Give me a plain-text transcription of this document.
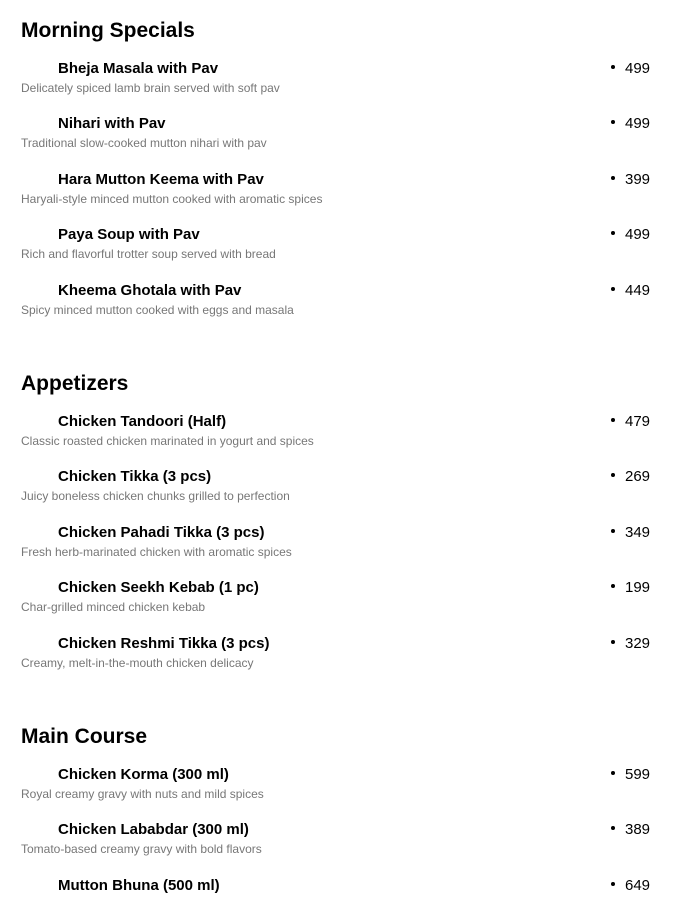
Morning Specials
Bheja Masala with Pav
Delicately spiced lamb brain served with soft pav
499
Nihari with Pav
Traditional slow-cooked mutton nihari with pav
499
Hara Mutton Keema with Pav
Haryali-style minced mutton cooked with aromatic spices
399
Paya Soup with Pav
Rich and flavorful trotter soup served with bread
499
Kheema Ghotala with Pav
Spicy minced mutton cooked with eggs and masala
449
Appetizers
Chicken Tandoori (Half)
Classic roasted chicken marinated in yogurt and spices
479
Chicken Tikka (3 pcs)
Juicy boneless chicken chunks grilled to perfection
269
Chicken Pahadi Tikka (3 pcs)
Fresh herb-marinated chicken with aromatic spices
349
Chicken Seekh Kebab (1 pc)
Char-grilled minced chicken kebab
199
Chicken Reshmi Tikka (3 pcs)
Creamy, melt-in-the-mouth chicken delicacy
329
Main Course
Chicken Korma (300 ml)
Royal creamy gravy with nuts and mild spices
599
Chicken Lababdar (300 ml)
Tomato-based creamy gravy with bold flavors
389
Mutton Bhuna (500 ml)	649
